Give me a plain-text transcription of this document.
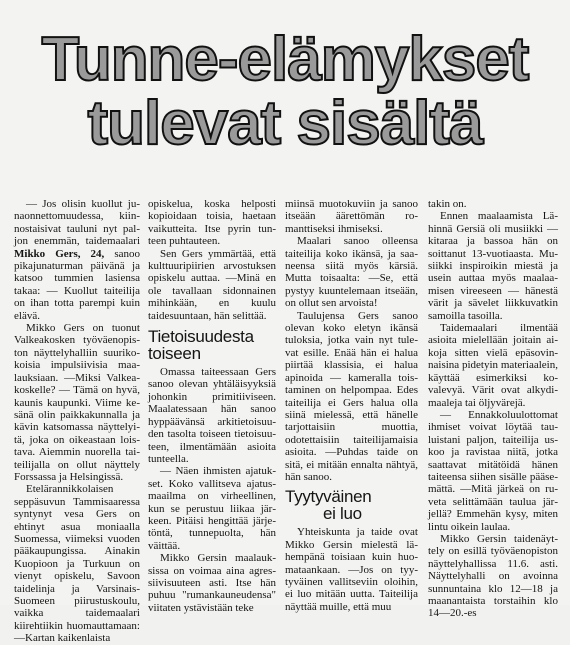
Tunne-elämykset
tulevat sisältä

— Jos olisin kuollut junaonnettomuudessa, kiinnostaisivat tauluni nyt paljon enemmän, taidemaalari Mikko Gers, 24, sanoo pikajunaturman päivänä ja katsoo tummien lasiensa takaa: — Kuollut taiteilija on ihan totta parempi kuin elävä.

Mikko Gers on tuonut Valkeakosken työväenopiston näyttelyhalliin suurikokoisia impulsiivisia maalauksiaan. —Miksi Valkeakoskelle? — Tämä on hyvä, kaunis kaupunki. Viime kesänä olin paikkakunnalla ja kävin katsomassa näyttelyitä, joka on oikeastaan loistava. Aiemmin nuorella taiteilijalla on ollut näyttely Forssassa ja Helsingissä.

Etelärannikkolaisen seppäsuvun Tammisaaressa syntynyt vesa Gers on ehtinyt asua moniaalla Suomessa, viimeksi vuoden pääkaupungissa. Ainakin Kuopioon ja Turkuun on vienyt opiskelu, Savoon taidelinja ja Varsinais-Suomeen piirustuskoulu, vaikka taidemaalari kiirehtiikin huomauttamaan: —Kartan kaikenlaista

opiskelua, koska helposti kopioidaan toisia, haetaan vaikutteita. Itse pyrin tunteen puhtauteen.

Sen Gers ymmärtää, että kulttuuripiirien arvostuksen opiskelu auttaa. —Minä en ole tavallaan sidonnainen mihinkään, en kuulu taidesuuntaan, hän selittää.

Tietoisuudesta
toiseen

Omassa taiteessaan Gers sanoo olevan yhtäläisyyksiä johonkin primitiiviseen. Maalatessaan hän sanoo hyppäävänsä arkitietoisuuden tasolta toiseen tietoisuuteen, ilmentämään asioita tunteella.

— Näen ihmisten ajatukset. Koko vallitseva ajatusmaailma on virheellinen, kun se perustuu liikaa järkeen. Pitäisi hengittää järjetöntä, tunnepuolta, hän väittää.

Mikko Gersin maalauksissa on voimaa aina agressiivisuuteen asti. Itse hän puhuu "rumankauneudensa" viitaten ystävistään teke

miinsä muotokuviin ja sanoo itseään äärettömän romanttiseksi ihmiseksi.

Maalari sanoo olleensa taiteilija koko ikänsä, ja saaneensa siitä myös kärsiä. Mutta toisaalta: —Se, että pystyy kuuntelemaan itseään, on ollut sen arvoista!

Taulujensa Gers sanoo olevan koko eletyn ikänsä tuloksia, jotka vain nyt tulevat esille. Enää hän ei halua piirtää klassisia, ei halua apinoida — kameralla toistaminen on helpompaa. Edes taiteilija ei Gers halua olla siinä mielessä, että hänelle tarjottaisiin muottia, odotettaisiin taiteilijamaisia asioita. —Puhdas taide on sitä, ei mitään ennalta nähtyä, hän sanoo.

Tyytyväinen
ei luo

Yhteiskunta ja taide ovat Mikko Gersin mielestä lähempänä toisiaan kuin huomataankaan. —Jos on tyytyväinen vallitseviin oloihin, ei luo mitään uutta. Taiteilija näyttää muille, että muu

takin on.

Ennen maalaamista Lähinnä Gersiä oli musiikki — kitaraa ja bassoa hän on soittanut 13-vuotiaasta. Musiikki inspiroikin miestä ja usein auttaa myös maalaamisen vireeseen — hänestä värit ja sävelet liikkuvatkin samoilla tasoilla.

Taidemaalari ilmentää asioita mielellään joitain aikoja sitten vielä epäsovinnaisina pidetyin materiaalein, käyttää esimerkiksi kovalevyä. Värit ovat alkydimaaleja tai öljyvärejä.

— Ennakkoluulottomat ihmiset voivat löytää tauluistani paljon, taiteilija uskoo ja ravistaa niitä, jotka saattavat mitätöidä hänen taiteensa siihen sisälle pääsemättä. —Mitä järkeä on ruveta selittämään taulua järjellä? Emmehän kysy, miten lintu oikein laulaa.

Mikko Gersin taidenäyttely on esillä työväenopiston näyttelyhallissa 11.6. asti. Näyttelyhalli on avoinna sunnuntaina klo 12—18 ja maanantaista torstaihin klo 14—20.-es
